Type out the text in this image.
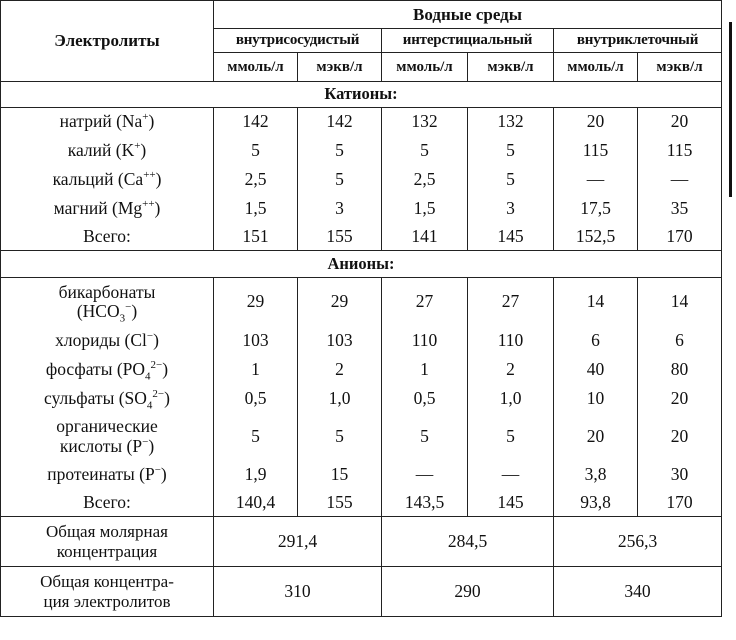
Электролиты	Водные среды					
	внутрисосудистый		интерстициальный		внутриклеточный	
	ммоль/л	мэкв/л	ммоль/л	мэкв/л	ммоль/л	мэкв/л
Катионы:						
натрий (Na+)	142	142	132	132	20	20
калий (K+)	5	5	5	5	115	115
кальций (Ca++)	2,5	5	2,5	5	—	—
магний (Mg++)	1,5	3	1,5	3	17,5	35
Всего:	151	155	141	145	152,5	170
Анионы:						
бикарбонаты
$(HCO_3^-)$	29	29	27	27	14	14
хлориды (Cl−)	103	103	110	110	6	6
фосфаты $(PO_4^{2-})$	1	2	1	2	40	80
сульфаты $(SO_4^{2-})$	0,5	1,0	0,5	1,0	10	20
органические
кислоты (P−)	5	5	5	5	20	20
протеинаты (P−)	1,9	15	—	—	3,8	30
Всего:	140,4	155	143,5	145	93,8	170
Общая молярная
концентрация	291,4		284,5		256,3	
Общая концентра-
ция электролитов	310		290		340	
